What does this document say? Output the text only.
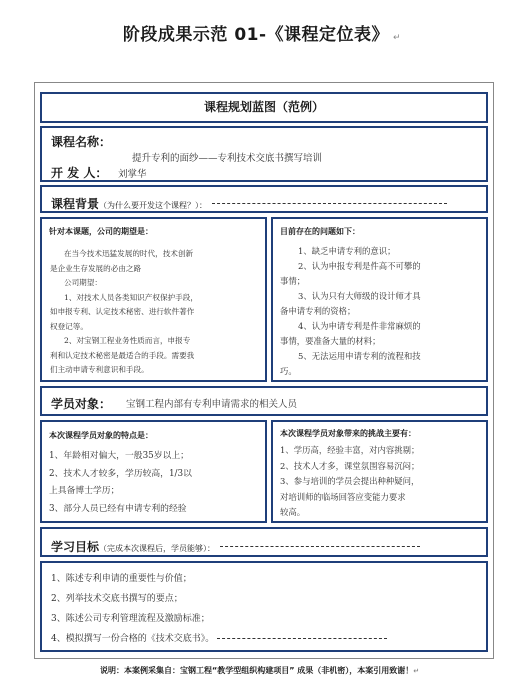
阶段成果示范 01-《课程定位表》 ↵
课程规划蓝图（范例）
课程名称：
提升专利的面纱——专利技术交底书撰写培训
开 发 人： 刘掌华
课程背景（为什么要开发这个课程？）：
针对本课题，公司的期望是：
在当今技术迅猛发展的时代，技术创新
是企业生存发展的必由之路
公司期望：
1、对技术人员各类知识产权保护手段，
如申报专利、认定技术秘密、进行软件著作
权登记等。
2、对宝钢工程业务性质而言，申报专
利和认定技术秘密是最适合的手段。需要我
们主动申请专利意识和手段。
目前存在的问题如下：
1、缺乏申请专利的意识；
2、认为申报专利是件高不可攀的
事情；
3、认为只有大师级的设计师才具
备申请专利的资格；
4、认为申请专利是件非常麻烦的
事情，要准备大量的材料；
5、无法运用申请专利的流程和技
巧。
学员对象： 宝钢工程内部有专利申请需求的相关人员
本次课程学员对象的特点是：
1、年龄相对偏大，一般35岁以上；
2、技术人才较多，学历较高，1/3以
上具备博士学历；
3、部分人员已经有申请专利的经验
本次课程学员对象带来的挑战主要有：
1、学历高，经验丰富，对内容挑剔；
2、技术人才多，课堂氛围容易沉闷；
3、参与培训的学员会提出种种疑问，
对培训师的临场回答应变能力要求
较高。
学习目标（完成本次课程后，学员能够）：
1、陈述专利申请的重要性与价值；
2、列举技术交底书撰写的要点；
3、陈述公司专利管理流程及激励标准；
4、模拟撰写一份合格的《技术交底书》。
说明：本案例采集自：宝钢工程“教学型组织构建项目” 成果（非机密），本案引用致谢！↵
